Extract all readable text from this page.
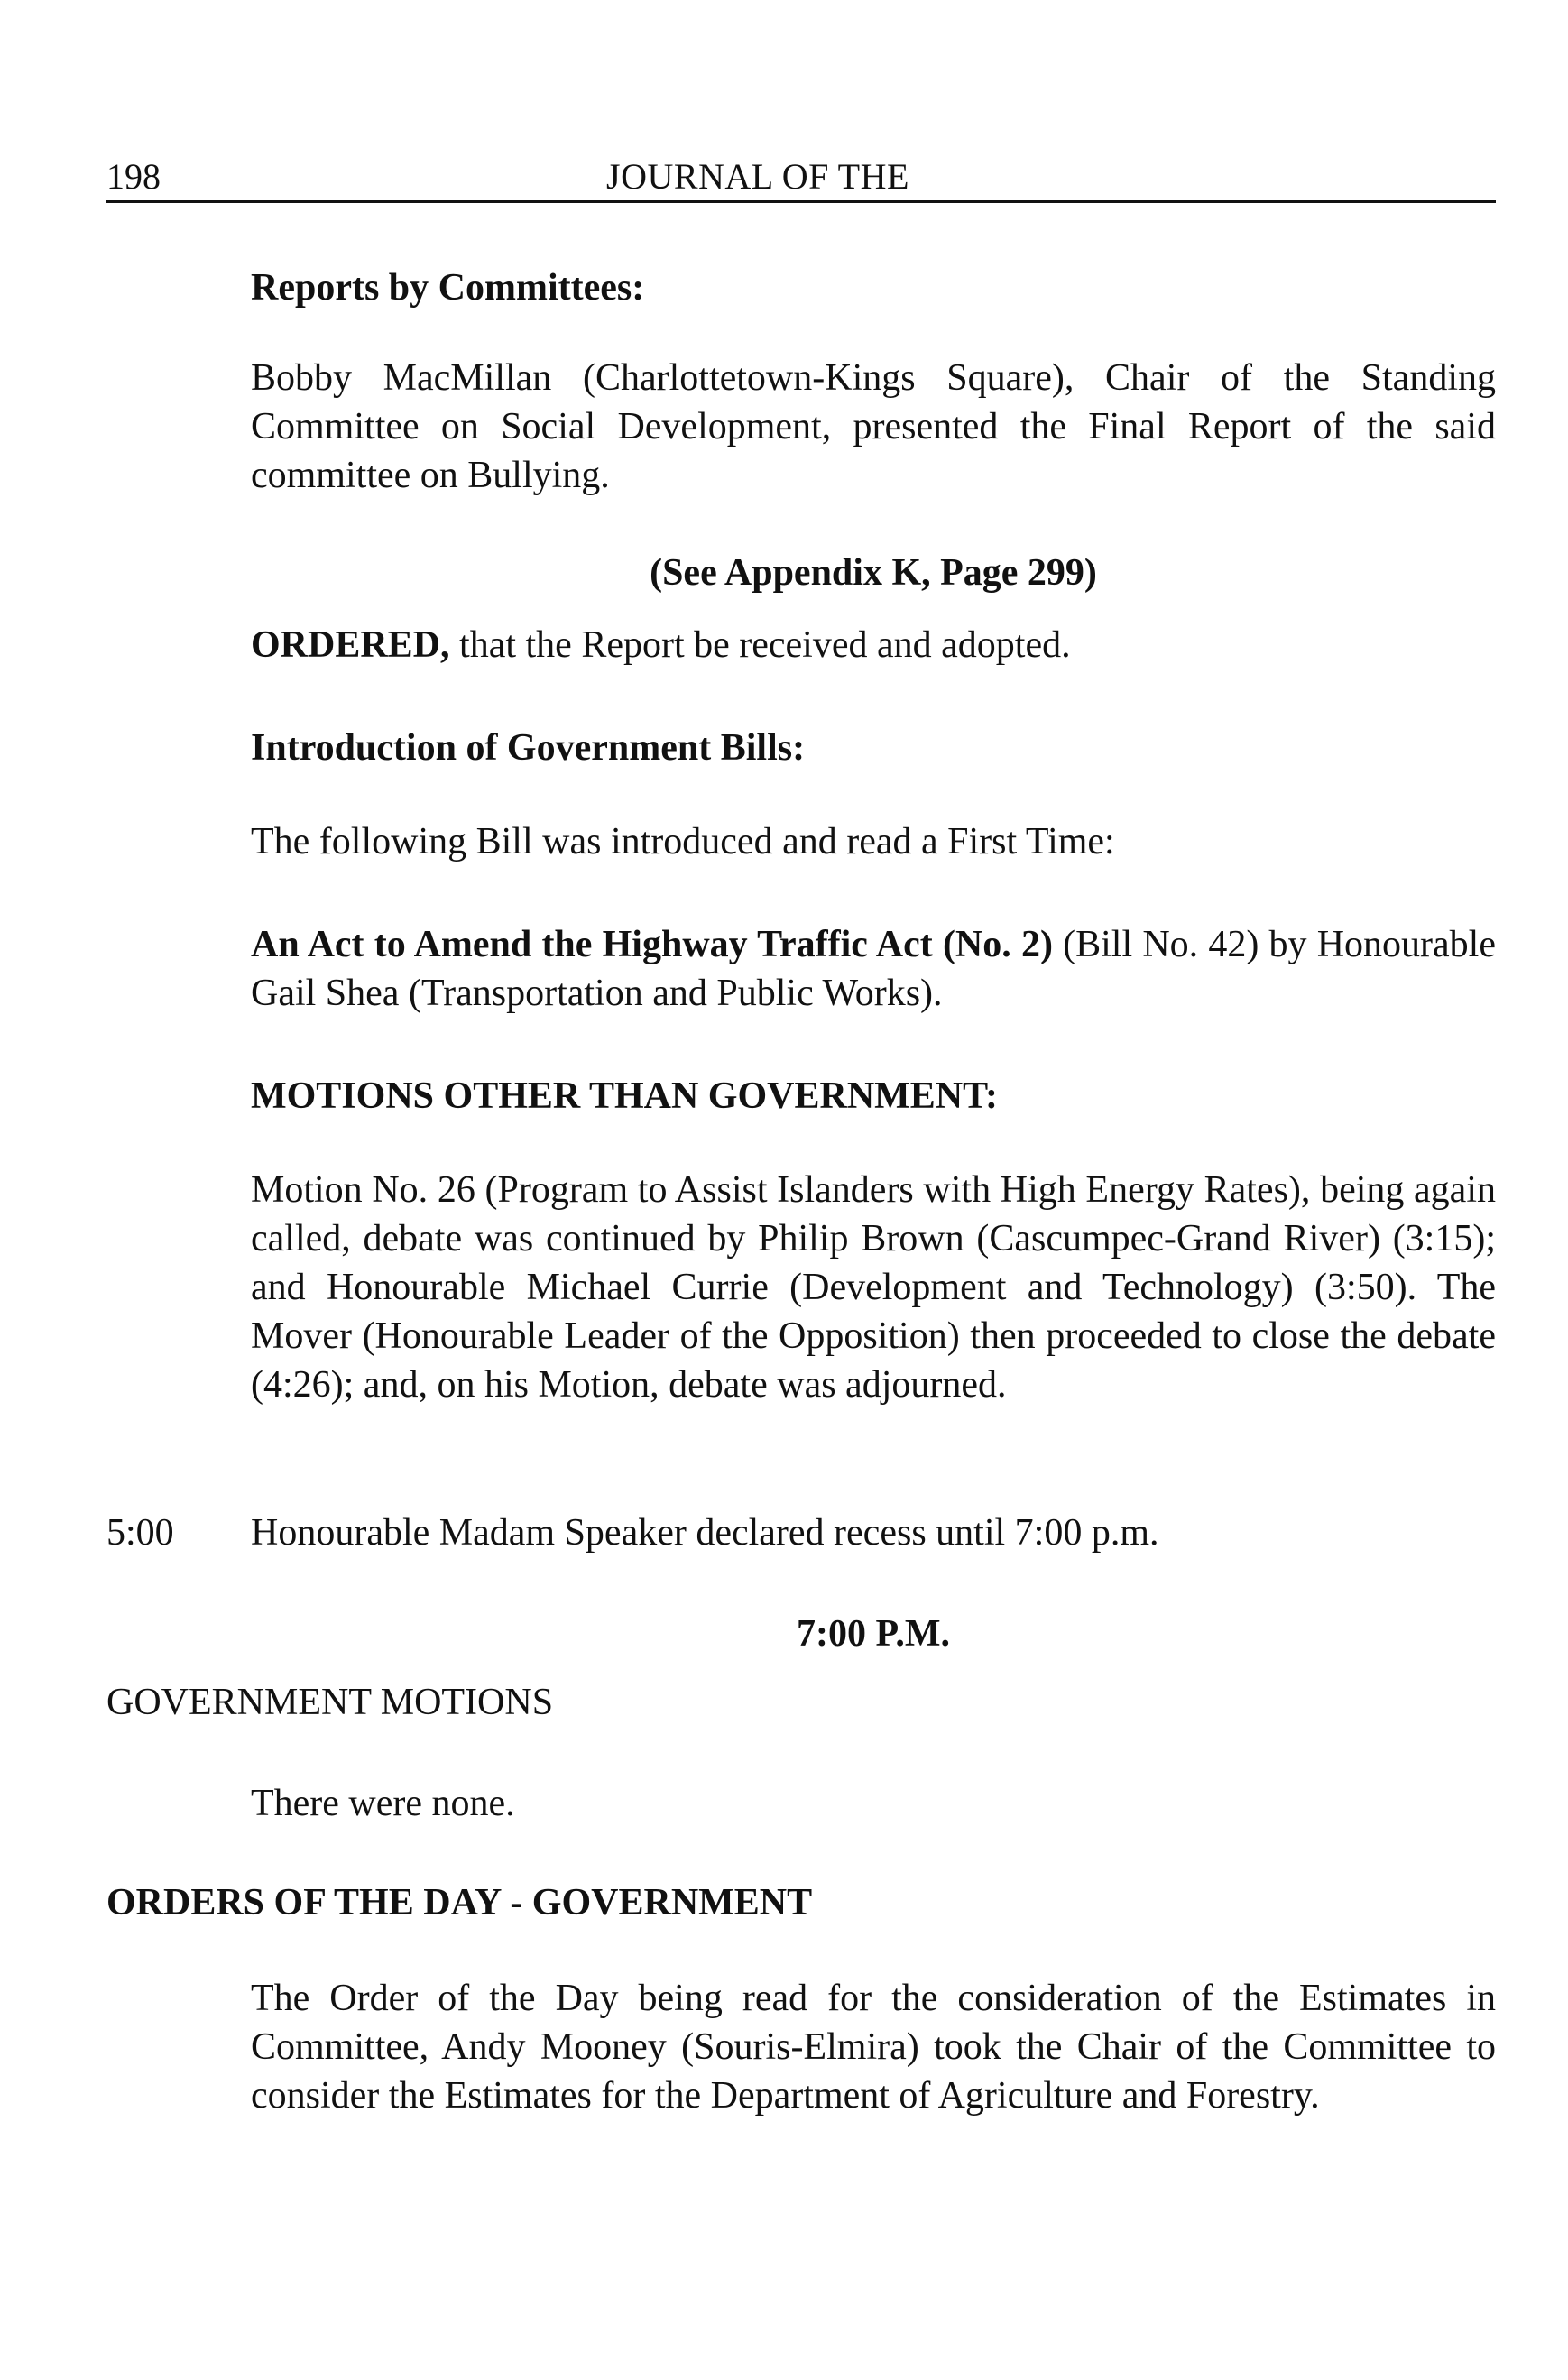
198	JOURNAL OF THE
Reports by Committees:
Bobby MacMillan (Charlottetown-Kings Square), Chair of the Standing Committee on Social Development, presented the Final Report of the said committee on Bullying.
(See Appendix K, Page 299)
ORDERED, that the Report be received and adopted.
Introduction of Government Bills:
The following Bill was introduced and read a First Time:
An Act to Amend the Highway Traffic Act (No. 2) (Bill No. 42) by Honourable Gail Shea (Transportation and Public Works).
MOTIONS OTHER THAN GOVERNMENT:
Motion No. 26 (Program to Assist Islanders with High Energy Rates), being again called, debate was continued by Philip Brown (Cascumpec-Grand River) (3:15); and Honourable Michael Currie (Development and Technology) (3:50). The Mover (Honourable Leader of the Opposition) then proceeded to close the debate (4:26); and, on his Motion, debate was adjourned.
5:00 Honourable Madam Speaker declared recess until 7:00 p.m.
7:00 P.M.
GOVERNMENT MOTIONS
There were none.
ORDERS OF THE DAY - GOVERNMENT
The Order of the Day being read for the consideration of the Estimates in Committee, Andy Mooney (Souris-Elmira) took the Chair of the Committee to consider the Estimates for the Department of Agriculture and Forestry.
